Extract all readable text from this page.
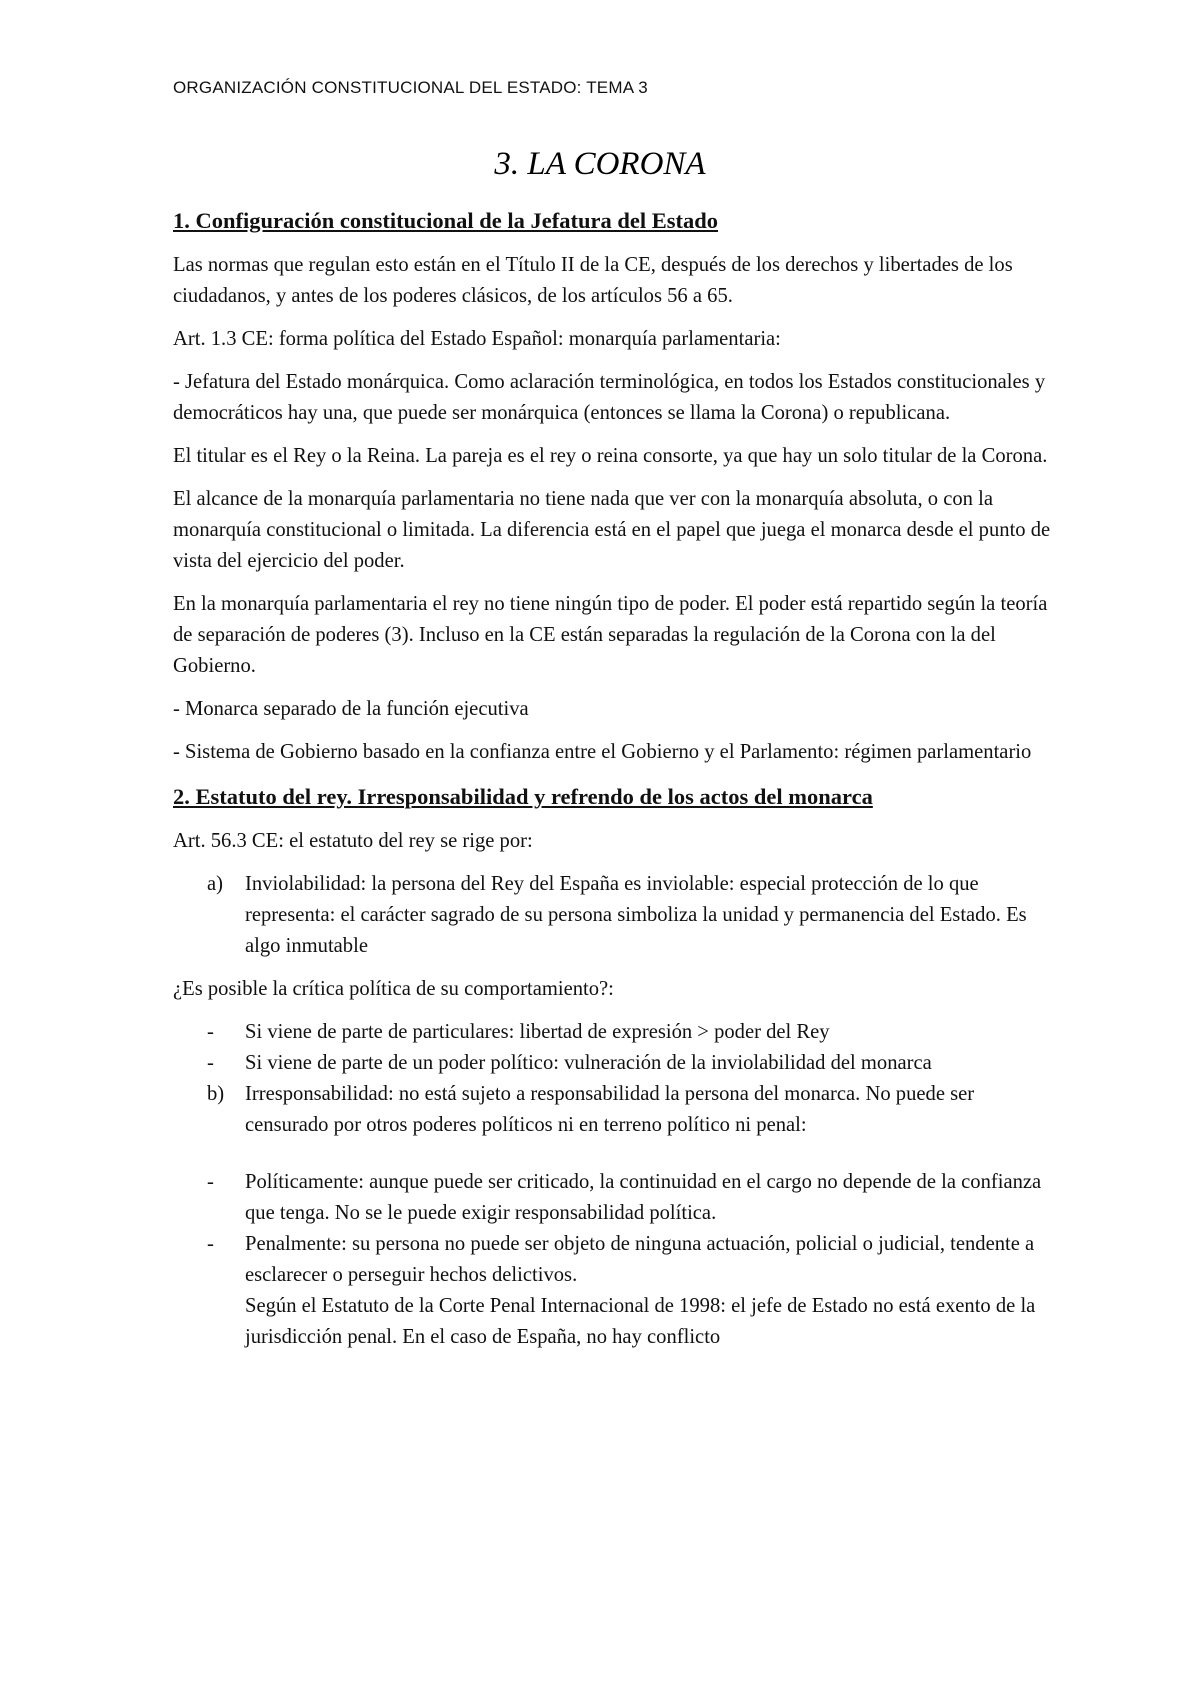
ORGANIZACIÓN CONSTITUCIONAL DEL ESTADO: TEMA 3
3. LA CORONA

1. Configuración constitucional de la Jefatura del Estado

Las normas que regulan esto están en el Título II de la CE, después de los derechos y libertades de los ciudadanos, y antes de los poderes clásicos, de los artículos 56 a 65.

Art. 1.3 CE: forma política del Estado Español: monarquía parlamentaria:

- Jefatura del Estado monárquica. Como aclaración terminológica, en todos los Estados constitucionales y democráticos hay una, que puede ser monárquica (entonces se llama la Corona) o republicana.

El titular es el Rey o la Reina. La pareja es el rey o reina consorte, ya que hay un solo titular de la Corona.

El alcance de la monarquía parlamentaria no tiene nada que ver con la monarquía absoluta, o con la monarquía constitucional o limitada. La diferencia está en el papel que juega el monarca desde el punto de vista del ejercicio del poder.

En la monarquía parlamentaria el rey no tiene ningún tipo de poder. El poder está repartido según la teoría de separación de poderes (3). Incluso en la CE están separadas la regulación de la Corona con la del Gobierno.

- Monarca separado de la función ejecutiva

- Sistema de Gobierno basado en la confianza entre el Gobierno y el Parlamento: régimen parlamentario

2. Estatuto del rey. Irresponsabilidad y refrendo de los actos del monarca

Art. 56.3 CE: el estatuto del rey se rige por:

a) Inviolabilidad: la persona del Rey del España es inviolable: especial protección de lo que representa: el carácter sagrado de su persona simboliza la unidad y permanencia del Estado. Es algo inmutable

¿Es posible la crítica política de su comportamiento?:

- Si viene de parte de particulares: libertad de expresión > poder del Rey
- Si viene de parte de un poder político: vulneración de la inviolabilidad del monarca
b) Irresponsabilidad: no está sujeto a responsabilidad la persona del monarca. No puede ser censurado por otros poderes políticos ni en terreno político ni penal:
- Políticamente: aunque puede ser criticado, la continuidad en el cargo no depende de la confianza que tenga. No se le puede exigir responsabilidad política.
- Penalmente: su persona no puede ser objeto de ninguna actuación, policial o judicial, tendente a esclarecer o perseguir hechos delictivos.
Según el Estatuto de la Corte Penal Internacional de 1998: el jefe de Estado no está exento de la jurisdicción penal. En el caso de España, no hay conflicto
